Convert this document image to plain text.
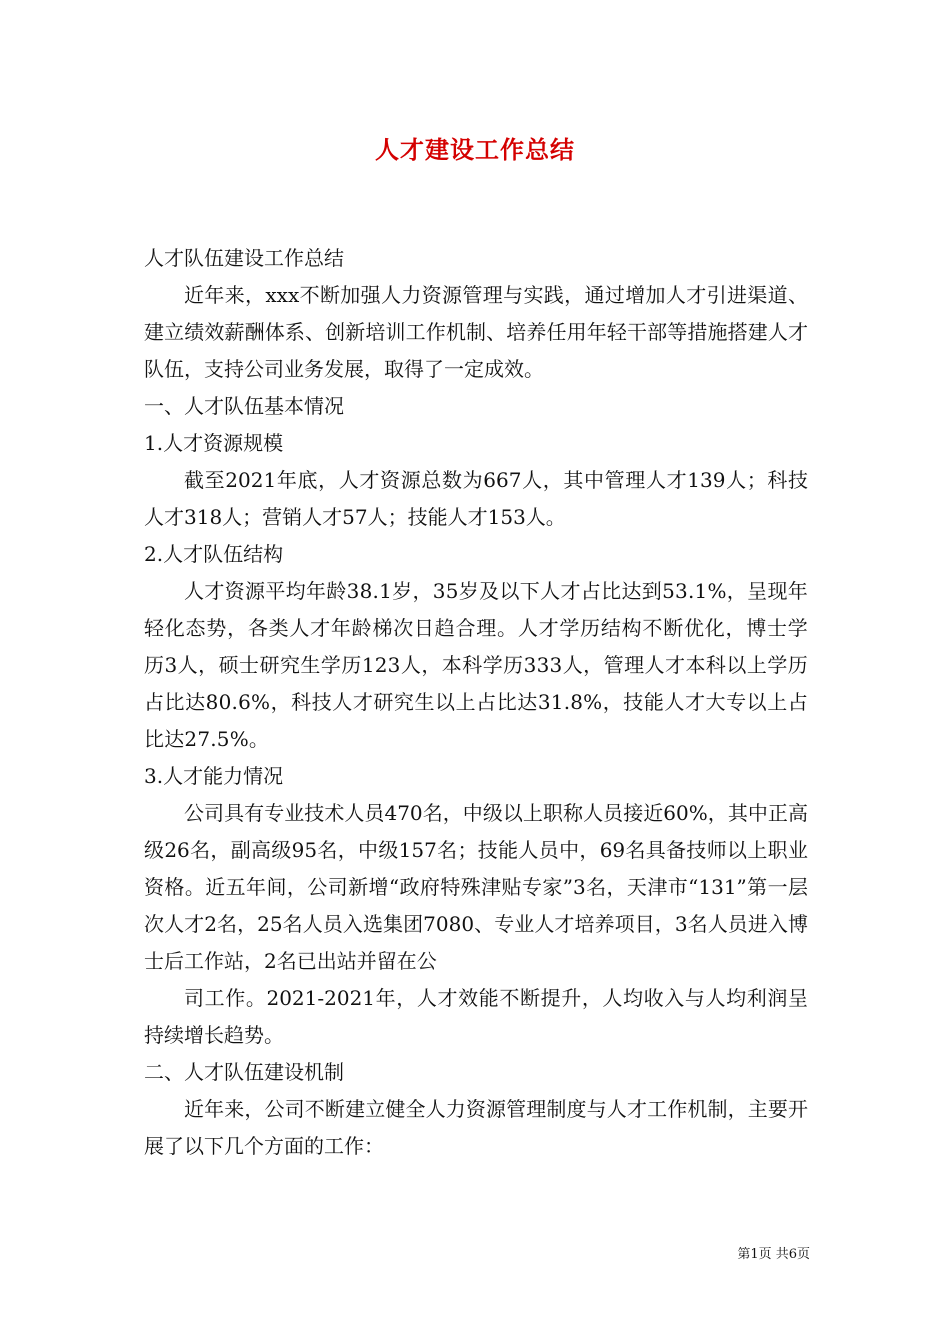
人才建设工作总结

人才队伍建设工作总结

近年来，xxx不断加强人力资源管理与实践，通过增加人才引进渠道、建立绩效薪酬体系、创新培训工作机制、培养任用年轻干部等措施搭建人才队伍，支持公司业务发展，取得了一定成效。

一、人才队伍基本情况

1.人才资源规模

截至2021年底，人才资源总数为667人，其中管理人才139人；科技人才318人；营销人才57人；技能人才153人。

2.人才队伍结构

人才资源平均年龄38.1岁，35岁及以下人才占比达到53.1%，呈现年轻化态势，各类人才年龄梯次日趋合理。人才学历结构不断优化，博士学历3人，硕士研究生学历123人，本科学历333人，管理人才本科以上学历占比达80.6%，科技人才研究生以上占比达31.8%，技能人才大专以上占比达27.5%。

3.人才能力情况

公司具有专业技术人员470名，中级以上职称人员接近60%，其中正高级26名，副高级95名，中级157名；技能人员中，69名具备技师以上职业资格。近五年间，公司新增“政府特殊津贴专家”3名，天津市“131”第一层次人才2名，25名人员入选集团7080、专业人才培养项目，3名人员进入博士后工作站，2名已出站并留在公

司工作。2021-2021年，人才效能不断提升，人均收入与人均利润呈持续增长趋势。

二、人才队伍建设机制

近年来，公司不断建立健全人力资源管理制度与人才工作机制，主要开展了以下几个方面的工作：

第1页 共6页
